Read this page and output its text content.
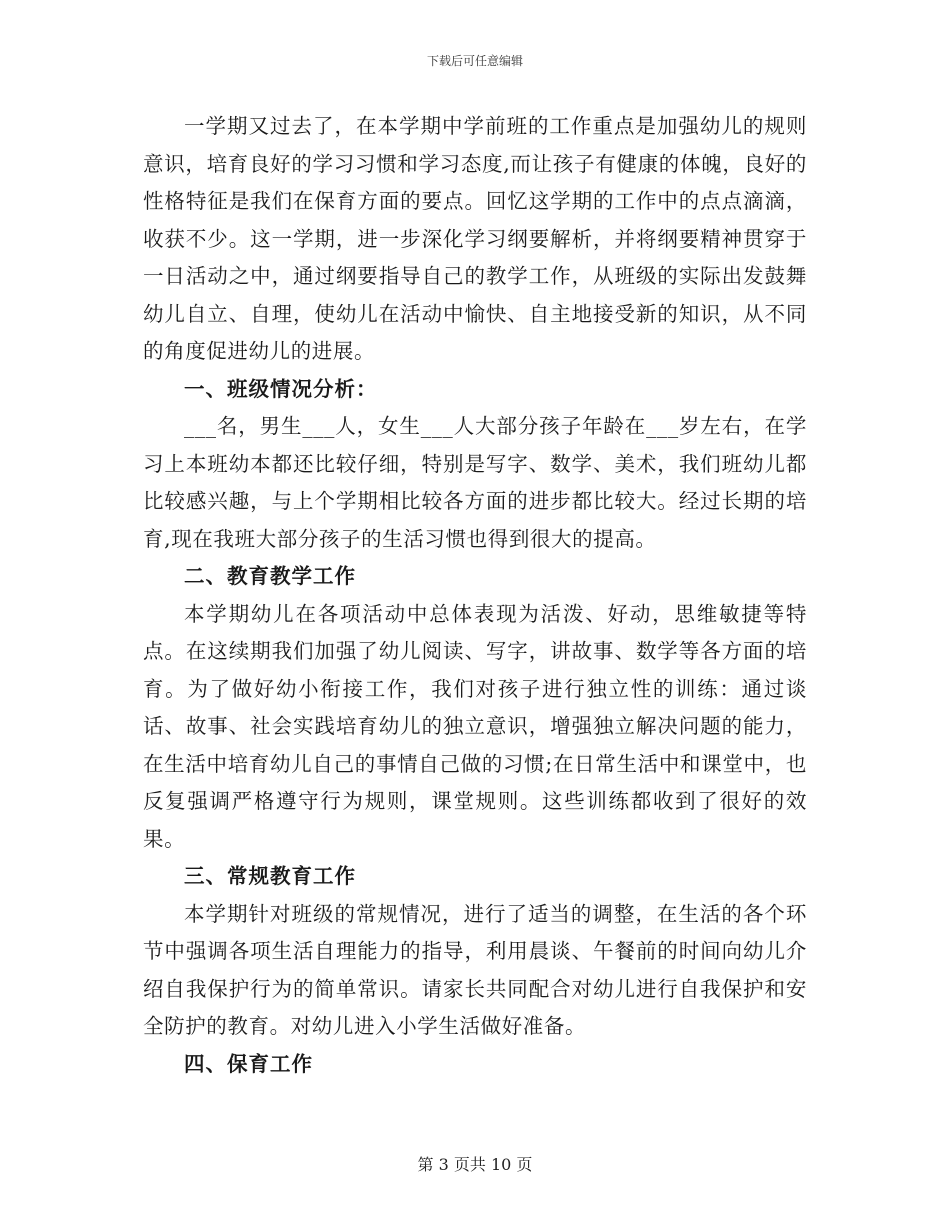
下载后可任意编辑

一学期又过去了，在本学期中学前班的工作重点是加强幼儿的规则意识，培育良好的学习习惯和学习态度,而让孩子有健康的体魄，良好的性格特征是我们在保育方面的要点。回忆这学期的工作中的点点滴滴，收获不少。这一学期，进一步深化学习纲要解析，并将纲要精神贯穿于一日活动之中，通过纲要指导自己的教学工作，从班级的实际出发鼓舞幼儿自立、自理，使幼儿在活动中愉快、自主地接受新的知识，从不同的角度促进幼儿的进展。

一、班级情况分析：

___名，男生___人，女生___人大部分孩子年龄在___岁左右，在学习上本班幼本都还比较仔细，特别是写字、数学、美术，我们班幼儿都比较感兴趣，与上个学期相比较各方面的进步都比较大。经过长期的培育,现在我班大部分孩子的生活习惯也得到很大的提高。

二、教育教学工作

本学期幼儿在各项活动中总体表现为活泼、好动，思维敏捷等特点。在这续期我们加强了幼儿阅读、写字，讲故事、数学等各方面的培育。为了做好幼小衔接工作，我们对孩子进行独立性的训练：通过谈话、故事、社会实践培育幼儿的独立意识，增强独立解决问题的能力，在生活中培育幼儿自己的事情自己做的习惯;在日常生活中和课堂中，也反复强调严格遵守行为规则，课堂规则。这些训练都收到了很好的效果。

三、常规教育工作

本学期针对班级的常规情况，进行了适当的调整，在生活的各个环节中强调各项生活自理能力的指导，利用晨谈、午餐前的时间向幼儿介绍自我保护行为的简单常识。请家长共同配合对幼儿进行自我保护和安全防护的教育。对幼儿进入小学生活做好准备。

四、保育工作

第 3 页共 10 页
